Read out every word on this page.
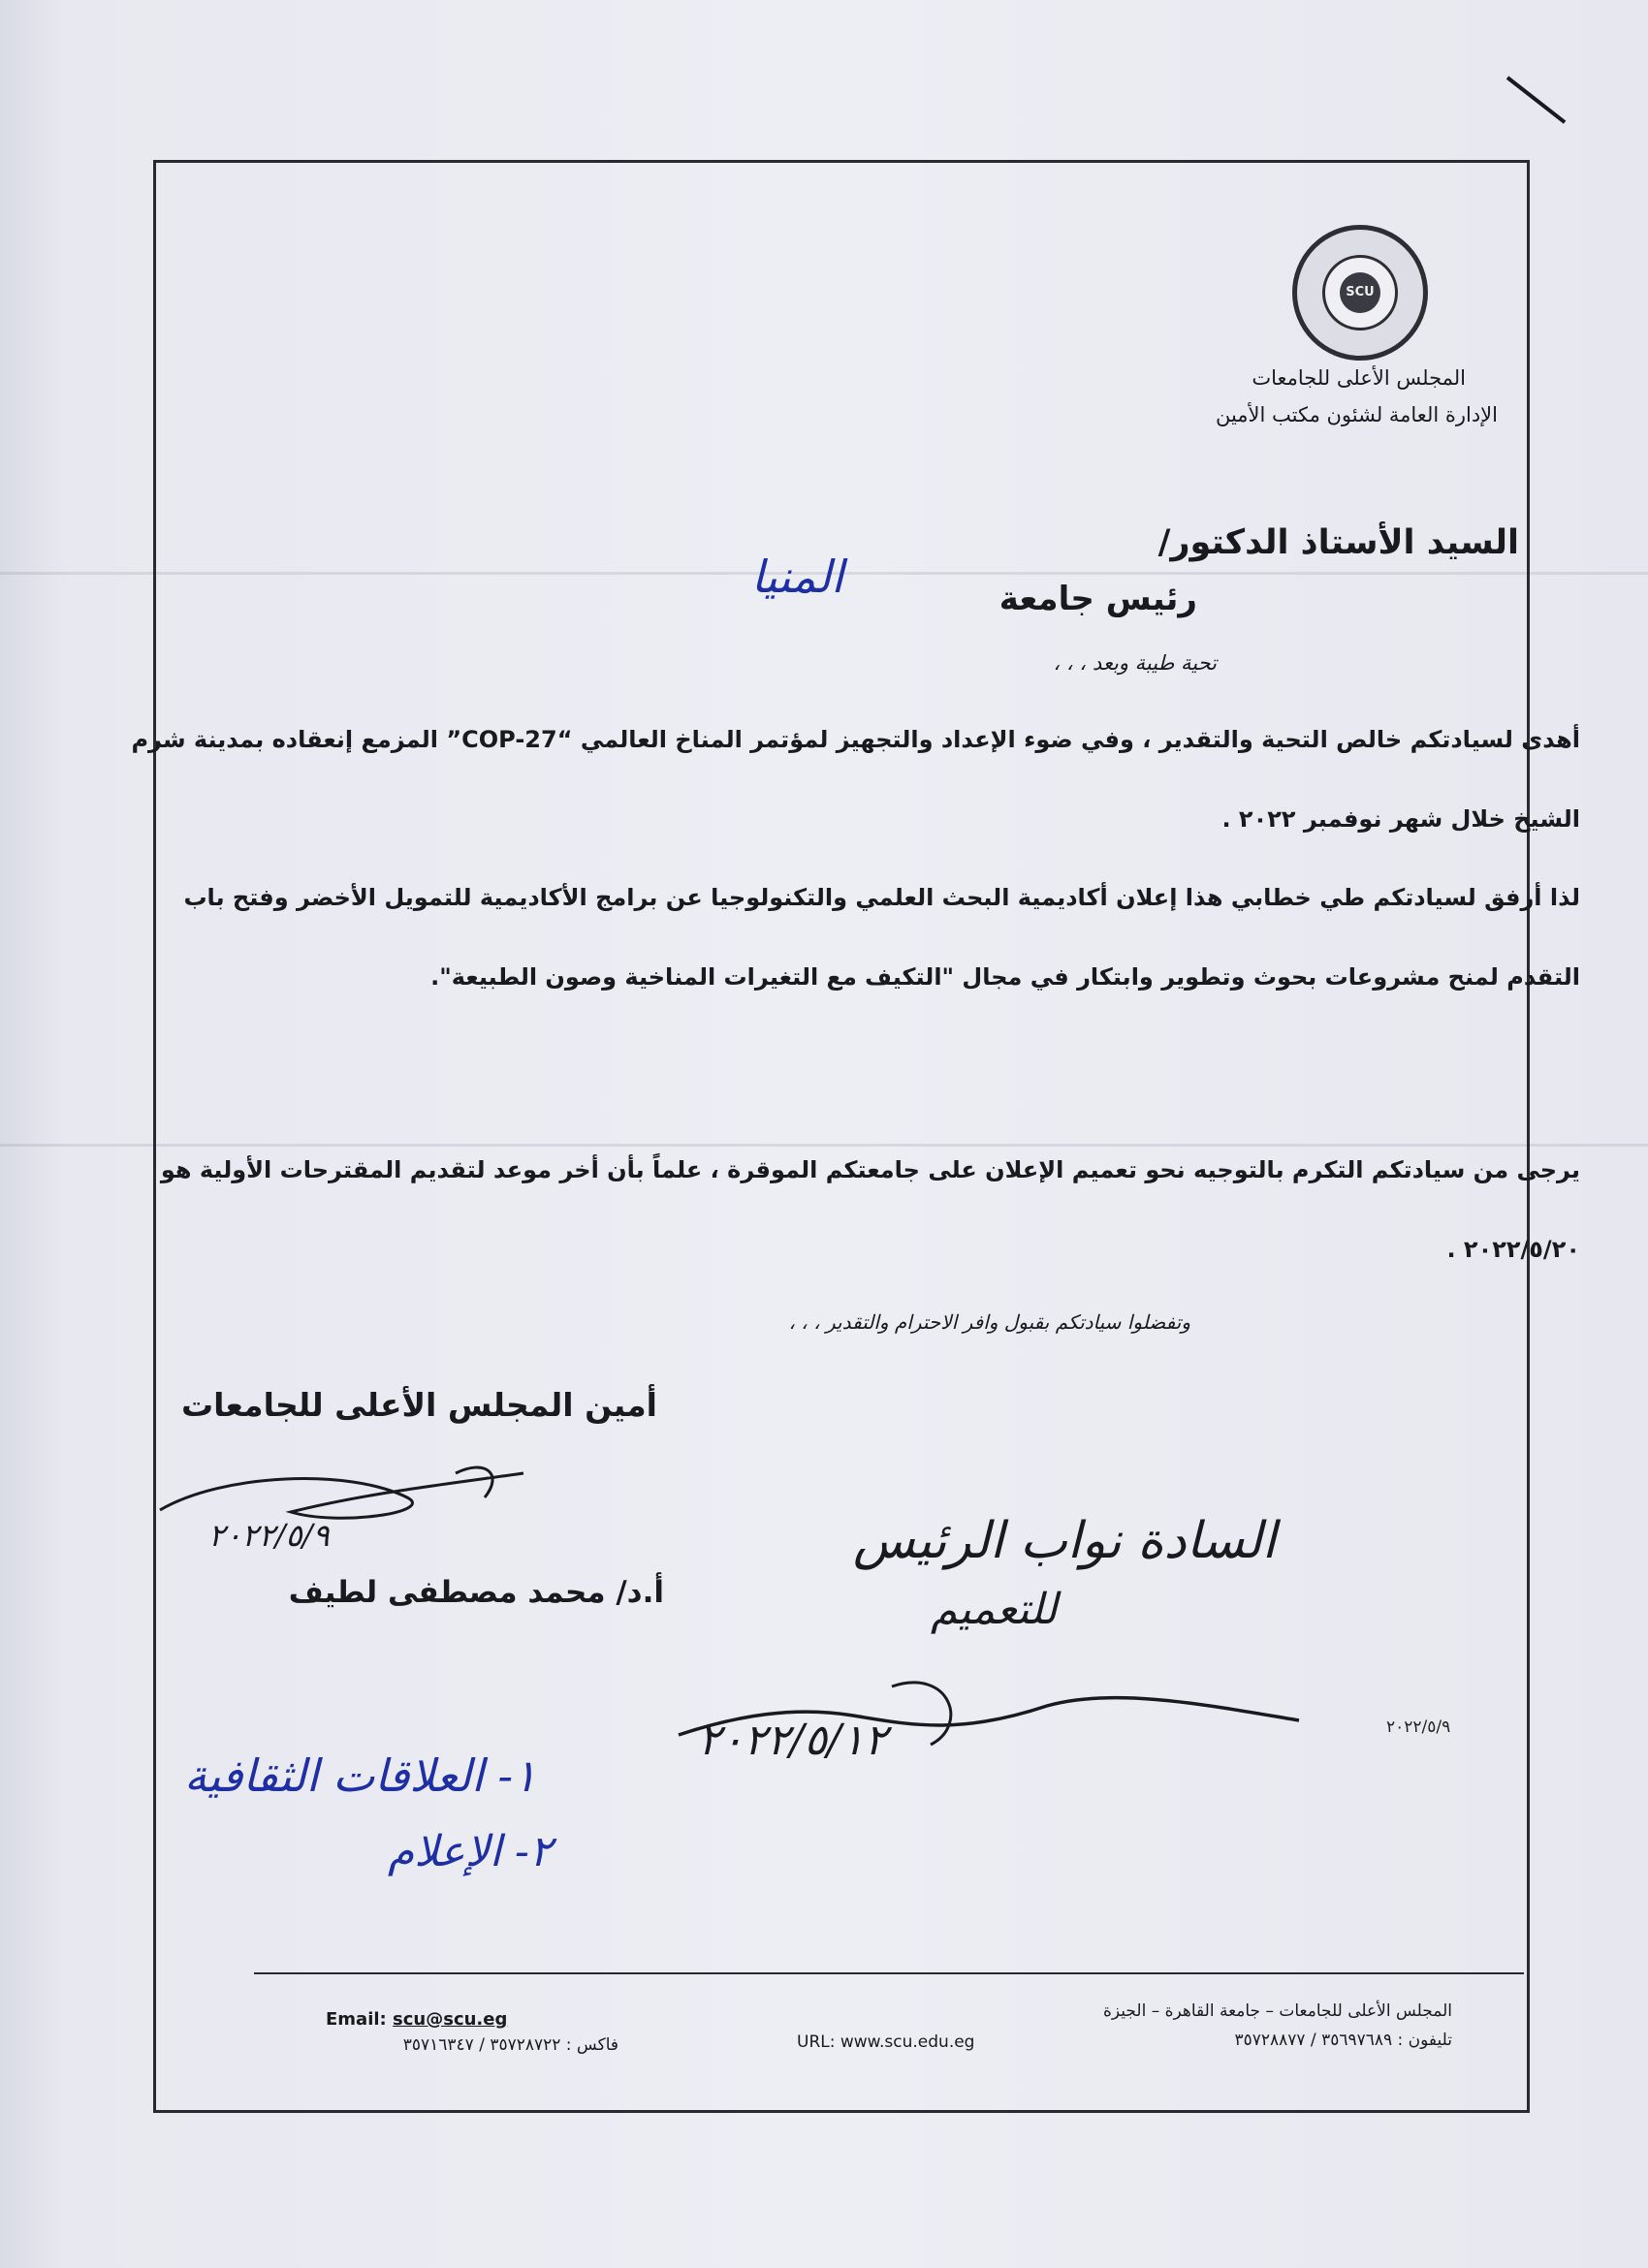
SCU
المجلس الأعلى للجامعات
الإدارة العامة لشئون مكتب الأمين
السيد الأستاذ الدكتور/
رئيس جامعة
المنيا
تحية طيبة وبعد ، ، ،
أهدى لسيادتكم خالص التحية والتقدير ، وفي ضوء الإعداد والتجهيز لمؤتمر المناخ العالمي “COP-27” المزمع إنعقاده بمدينة شرم الشيخ خلال شهر نوفمبر ٢٠٢٢ .
لذا أرفق لسيادتكم طي خطابي هذا إعلان أكاديمية البحث العلمي والتكنولوجيا عن برامج الأكاديمية للتمويل الأخضر وفتح باب التقدم لمنح مشروعات بحوث وتطوير وابتكار في مجال "التكيف مع التغيرات المناخية وصون الطبيعة".
يرجى من سيادتكم التكرم بالتوجيه نحو تعميم الإعلان على جامعتكم الموقرة ، علماً بأن أخر موعد لتقديم المقترحات الأولية هو ٢٠٢٢/٥/٢٠ .
وتفضلوا سيادتكم بقبول وافر الاحترام والتقدير ، ، ،
أمين المجلس الأعلى للجامعات
أ.د/ محمد مصطفى لطيف
٢٠٢٢/٥/٩	السادة نواب الرئيس
للتعميم
٢٠٢٢/٥/١٢
١- العلاقات الثقافية
٢- الإعلام
٢٠٢٢/٥/٩
المجلس الأعلى للجامعات – جامعة القاهرة – الجيزة
تليفون : ٣٥٦٩٧٦٨٩ / ٣٥٧٢٨٨٧٧
URL: www.scu.edu.eg
Email: scu@scu.eg
فاكس : ٣٥٧٢٨٧٢٢ / ٣٥٧١٦٣٤٧
